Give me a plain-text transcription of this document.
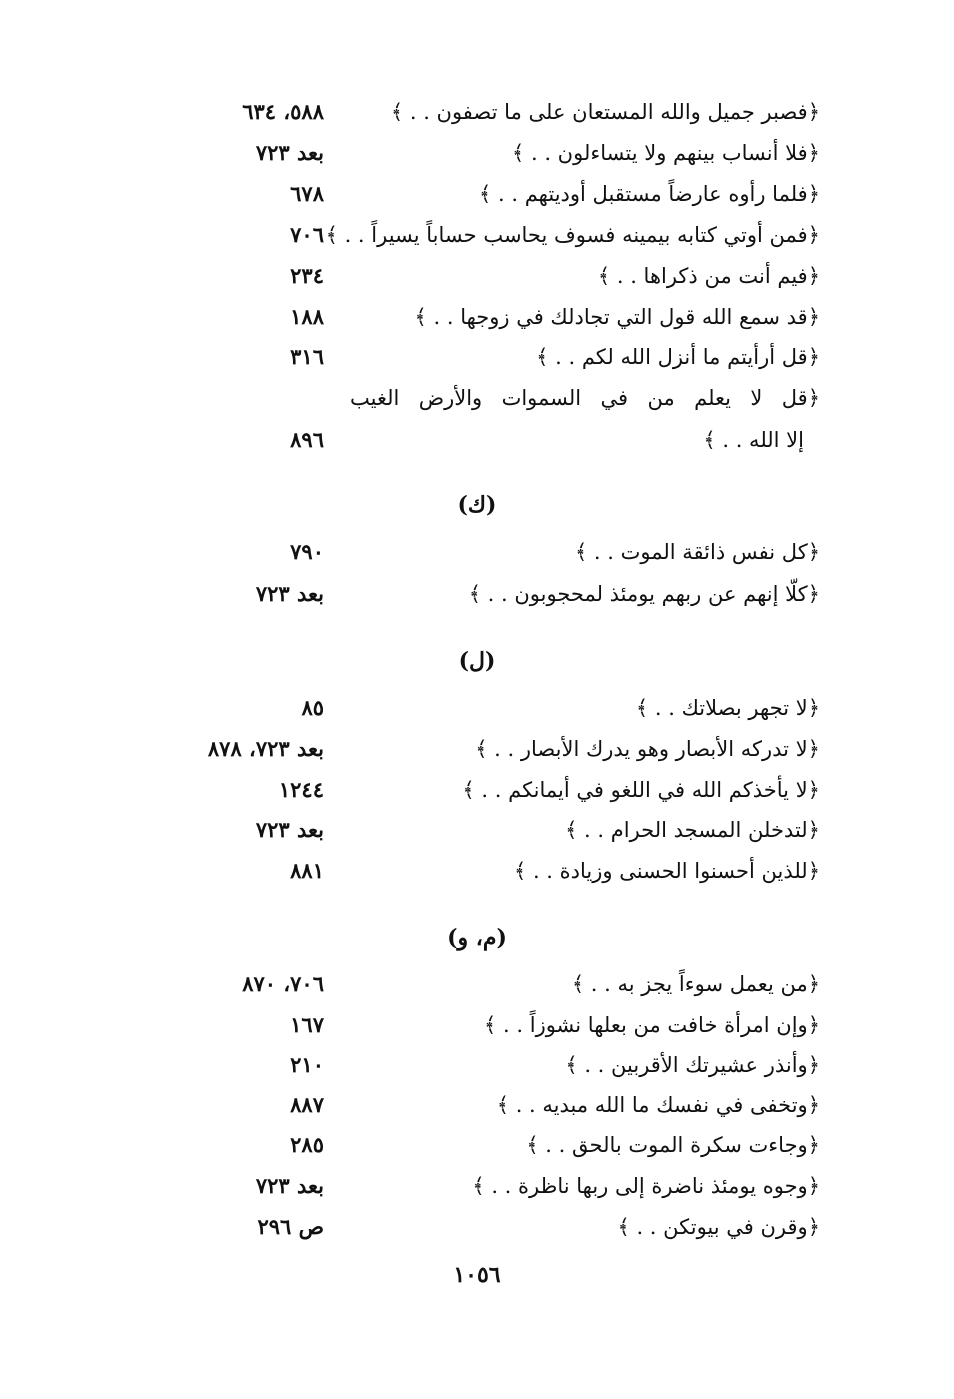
﴿فصبر جميل والله المستعان على ما تصفون . . ﴾
٥٨٨، ٦٣٤
﴿فلا أنساب بينهم ولا يتساءلون . . ﴾
بعد ٧٢٣
﴿فلما رأوه عارضاً مستقبل أوديتهم . . ﴾
٦٧٨
﴿فمن أوتي كتابه بيمينه فسوف يحاسب حساباً يسيراً . . ﴾
٧٠٦
﴿فيم أنت من ذكراها . . ﴾
٢٣٤
﴿قد سمع الله قول التي تجادلك في زوجها . . ﴾
١٨٨
﴿قل أرأيتم ما أنزل الله لكم . . ﴾
٣١٦
﴿قل لا يعلم من في السموات والأرض الغيب
إلا الله . . ﴾
٨٩٦
(ك)
﴿كل نفس ذائقة الموت . . ﴾
٧٩٠
﴿كلّا إنهم عن ربهم يومئذ لمحجوبون . . ﴾
بعد ٧٢٣
(ل)
﴿لا تجهر بصلاتك . . ﴾
٨٥
﴿لا تدركه الأبصار وهو يدرك الأبصار . . ﴾
بعد ٧٢٣، ٨٧٨
﴿لا يأخذكم الله في اللغو في أيمانكم . . ﴾
١٢٤٤
﴿لتدخلن المسجد الحرام . . ﴾
بعد ٧٢٣
﴿للذين أحسنوا الحسنى وزيادة . . ﴾
٨٨١
(م، و)
﴿من يعمل سوءاً يجز به . . ﴾
٧٠٦، ٨٧٠
﴿وإن امرأة خافت من بعلها نشوزاً . . ﴾
١٦٧
﴿وأنذر عشيرتك الأقربين . . ﴾
٢١٠
﴿وتخفى في نفسك ما الله مبديه . . ﴾
٨٨٧
﴿وجاءت سكرة الموت بالحق . . ﴾
٢٨٥
﴿وجوه يومئذ ناضرة إلى ربها ناظرة . . ﴾
بعد ٧٢٣
﴿وقرن في بيوتكن . . ﴾
ص ٢٩٦
١٠٥٦
